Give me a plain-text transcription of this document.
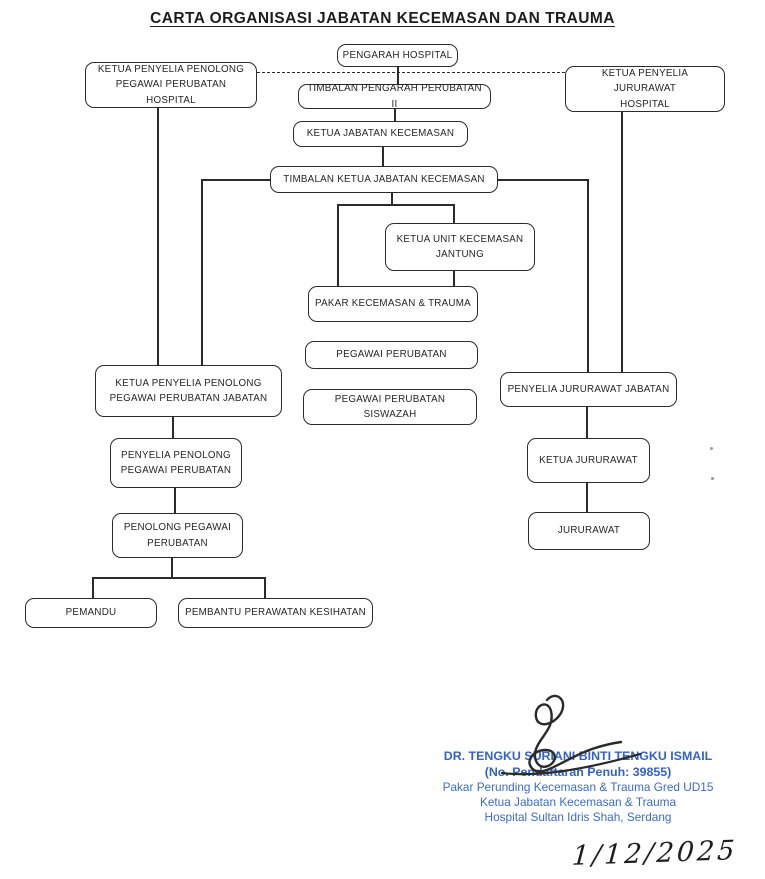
CARTA ORGANISASI JABATAN KECEMASAN DAN TRAUMA
PENGARAH HOSPITAL
KETUA PENYELIA PENOLONG
PEGAWAI PERUBATAN HOSPITAL
TIMBALAN PENGARAH PERUBATAN II
KETUA PENYELIA JURURAWAT
HOSPITAL
KETUA JABATAN KECEMASAN
TIMBALAN KETUA JABATAN KECEMASAN
KETUA UNIT KECEMASAN
JANTUNG
PAKAR KECEMASAN & TRAUMA
PEGAWAI PERUBATAN
PEGAWAI PERUBATAN SISWAZAH
KETUA PENYELIA PENOLONG
PEGAWAI PERUBATAN JABATAN
PENYELIA PENOLONG
PEGAWAI PERUBATAN
PENOLONG PEGAWAI
PERUBATAN
PEMANDU	PEMBANTU PERAWATAN KESIHATAN
PENYELIA JURURAWAT JABATAN
KETUA JURURAWAT
JURURAWAT
DR. TENGKU SURIANI BINTI TENGKU ISMAIL
(No. Pendaftaran Penuh: 39855)
Pakar Perunding Kecemasan & Trauma Gred UD15
Ketua Jabatan Kecemasan & Trauma
Hospital Sultan Idris Shah, Serdang
1/12/2025
